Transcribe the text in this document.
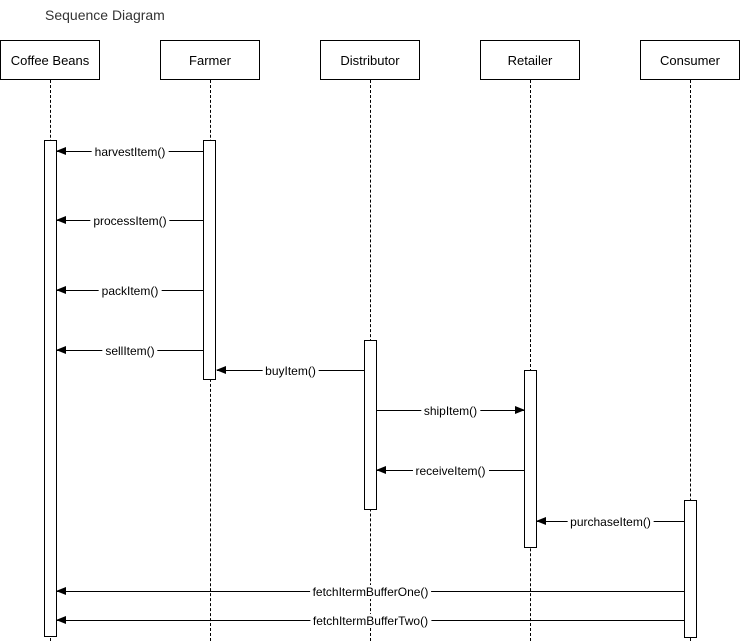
Sequence Diagram
Coffee Beans	Farmer	Distributor	Retailer	Consumer
harvestItem()
processItem()
packItem()
sellItem()
buyItem()
shipItem()
receiveItem()
purchaseItem()
fetchItermBufferOne()
fetchItermBufferTwo()
